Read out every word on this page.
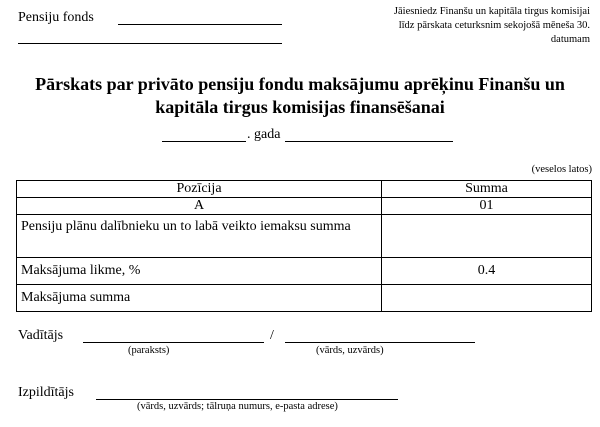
Pensiju fonds	Jāiesniedz Finanšu un kapitāla tirgus komisijai
līdz pārskata ceturksnim sekojošā mēneša 30.
datumam
Pārskats par privāto pensiju fondu maksājumu aprēķinu Finanšu un
kapitāla tirgus komisijas finansēšanai
. gada
(veselos latos)
Pozīcija	Summa
A	01
Pensiju plānu dalībnieku un to labā veikto iemaksu summa	
Maksājuma likme, %	0.4
Maksājuma summa	
Vadītājs	/
(paraksts)	(vārds, uzvārds)
Izpildītājs
(vārds, uzvārds; tālruņa numurs, e-pasta adrese)
